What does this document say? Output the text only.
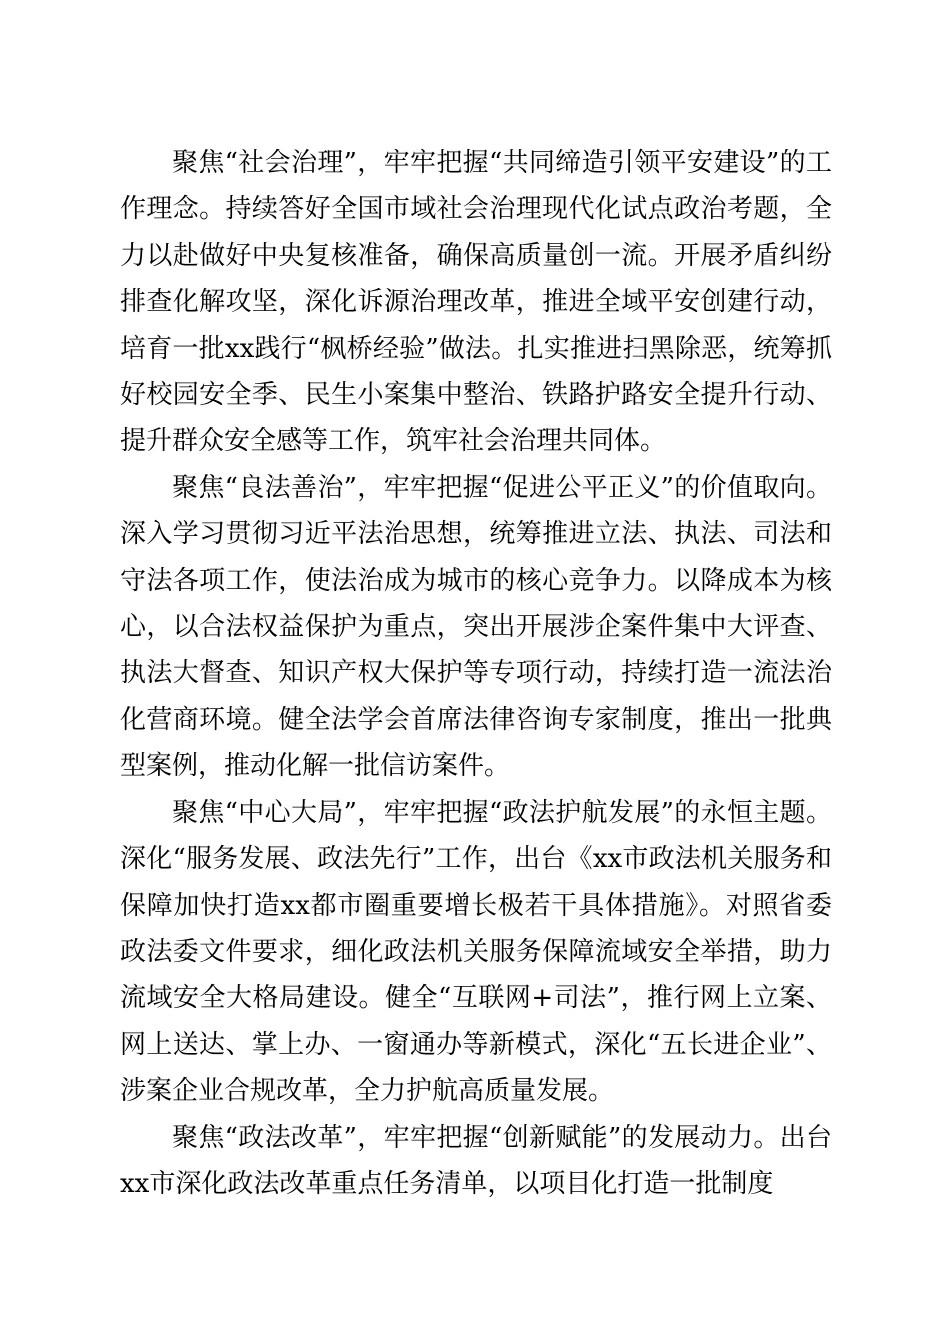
聚焦“社会治理”，牢牢把握“共同缔造引领平安建设”的工作理念。持续答好全国市域社会治理现代化试点政治考题，全力以赴做好中央复核准备，确保高质量创一流。开展矛盾纠纷排查化解攻坚，深化诉源治理改革，推进全域平安创建行动，培育一批xx践行“枫桥经验”做法。扎实推进扫黑除恶，统筹抓好校园安全季、民生小案集中整治、铁路护路安全提升行动、提升群众安全感等工作，筑牢社会治理共同体。

聚焦“良法善治”，牢牢把握“促进公平正义”的价值取向。深入学习贯彻习近平法治思想，统筹推进立法、执法、司法和守法各项工作，使法治成为城市的核心竞争力。以降成本为核心，以合法权益保护为重点，突出开展涉企案件集中大评查、执法大督查、知识产权大保护等专项行动，持续打造一流法治化营商环境。健全法学会首席法律咨询专家制度，推出一批典型案例，推动化解一批信访案件。

聚焦“中心大局”，牢牢把握“政法护航发展”的永恒主题。深化“服务发展、政法先行”工作，出台《xx市政法机关服务和保障加快打造xx都市圈重要增长极若干具体措施》。对照省委政法委文件要求，细化政法机关服务保障流域安全举措，助力流域安全大格局建设。健全“互联网+司法”，推行网上立案、网上送达、掌上办、一窗通办等新模式，深化“五长进企业”、涉案企业合规改革，全力护航高质量发展。

聚焦“政法改革”，牢牢把握“创新赋能”的发展动力。出台xx市深化政法改革重点任务清单，以项目化打造一批制度
